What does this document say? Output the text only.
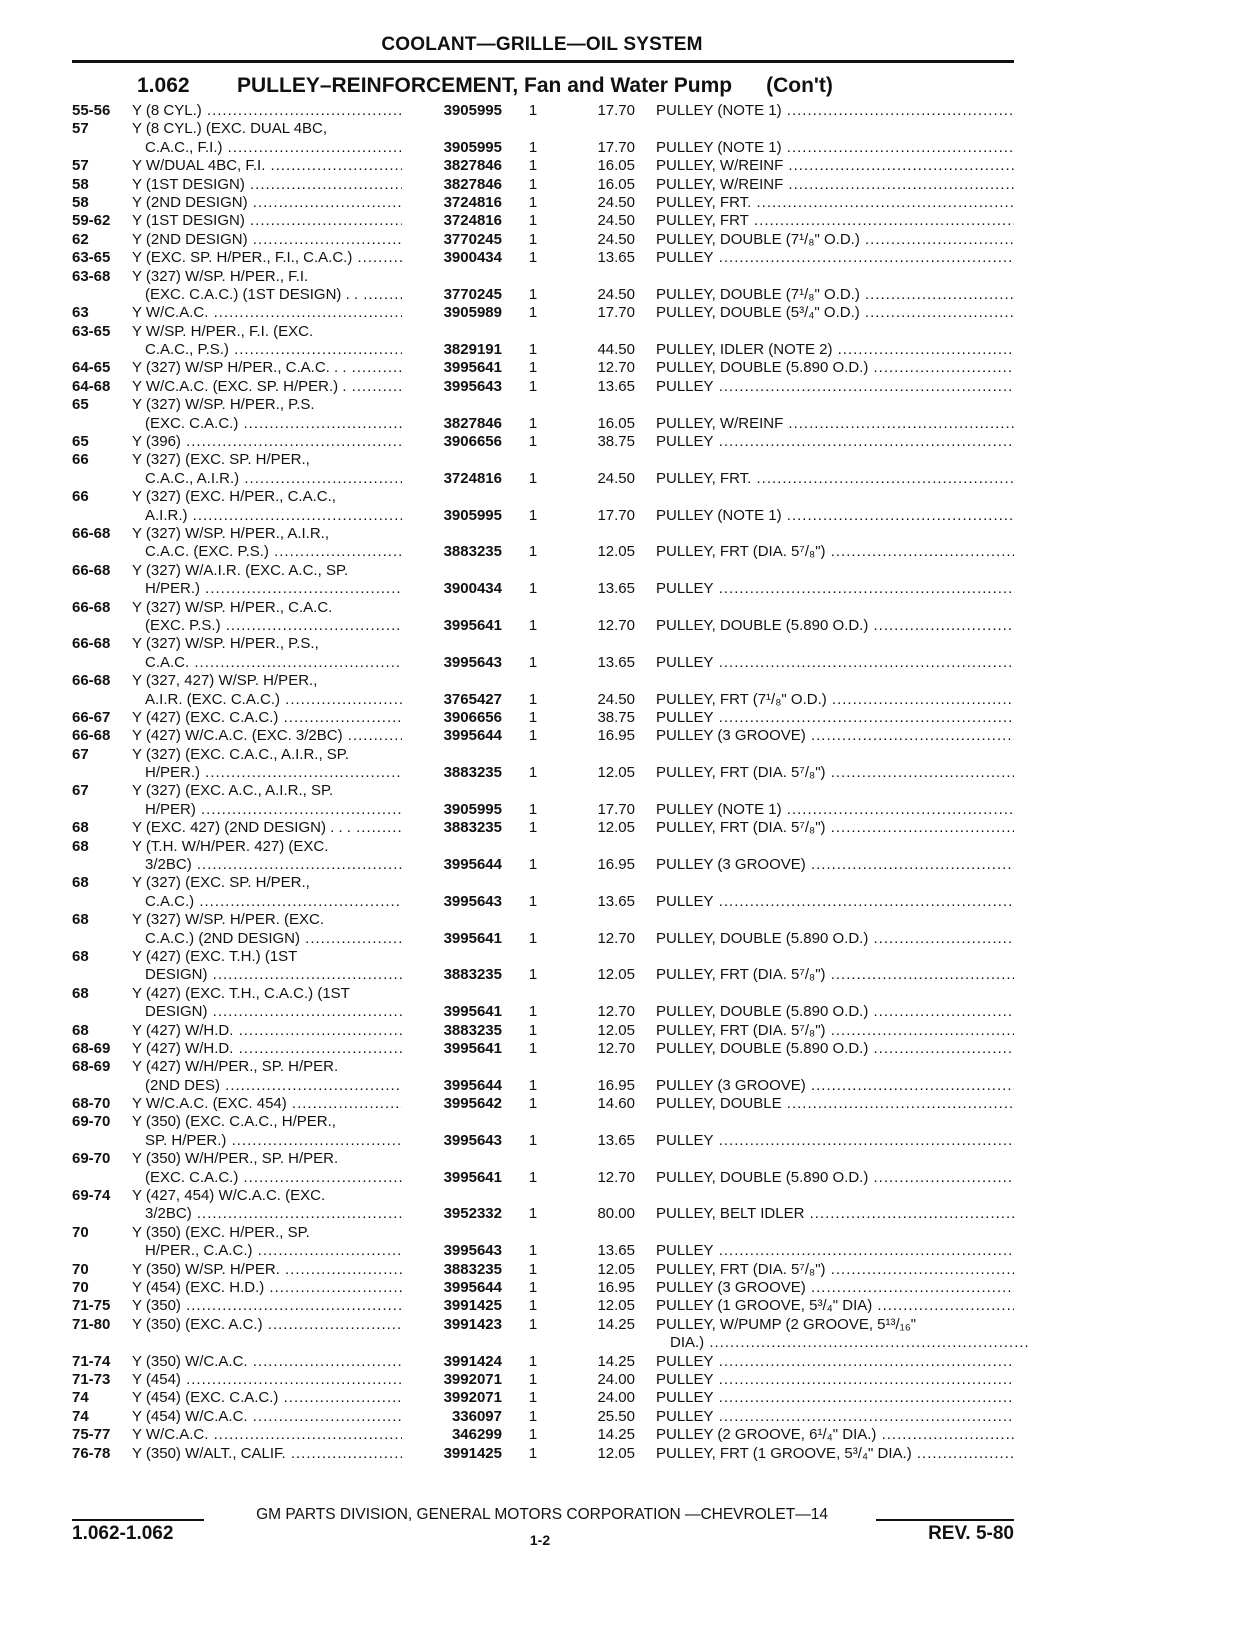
COOLANT—GRILLE—OIL SYSTEM
1.062 PULLEY–REINFORCEMENT, Fan and Water Pump (Con't)
55-56	Y (8 CYL.) .....	3905995 1	17.70 PULLEY (NOTE 1) .....
57	Y (8 CYL.) (EXC. DUAL 4BC,
C.A.C., F.I.) .....	3905995 1	17.70 PULLEY (NOTE 1) .....
57	Y W/DUAL 4BC, F.I. .....	3827846 1	16.05 PULLEY, W/REINF .....
58	Y (1ST DESIGN) .....	3827846 1	16.05 PULLEY, W/REINF .....
58	Y (2ND DESIGN) .....	3724816 1	24.50 PULLEY, FRT. .....
59-62	Y (1ST DESIGN) .....	3724816 1	24.50 PULLEY, FRT .....
62	Y (2ND DESIGN) .....	3770245 1	24.50 PULLEY, DOUBLE (7¹/₈" O.D.) .....
63-65	Y (EXC. SP. H/PER., F.I., C.A.C.) .....	3900434 1	13.65 PULLEY .....
63-68	Y (327) W/SP. H/PER., F.I.
(EXC. C.A.C.) (1ST DESIGN) . . .....	3770245 1	24.50 PULLEY, DOUBLE (7¹/₈" O.D.) .....
63	Y W/C.A.C. .....	3905989 1	17.70 PULLEY, DOUBLE (5³/₄" O.D.) .....
63-65	Y W/SP. H/PER., F.I. (EXC.
C.A.C., P.S.) .....	3829191 1	44.50 PULLEY, IDLER (NOTE 2) .....
64-65	Y (327) W/SP H/PER., C.A.C. . . .....	3995641 1	12.70 PULLEY, DOUBLE (5.890 O.D.) .....
64-68	Y W/C.A.C. (EXC. SP. H/PER.) . .....	3995643 1	13.65 PULLEY .....
65	Y (327) W/SP. H/PER., P.S.
(EXC. C.A.C.) .....	3827846 1	16.05 PULLEY, W/REINF .....
65	Y (396) .....	3906656 1	38.75 PULLEY .....
66	Y (327) (EXC. SP. H/PER.,
C.A.C., A.I.R.) .....	3724816 1	24.50 PULLEY, FRT. .....
66	Y (327) (EXC. H/PER., C.A.C.,
A.I.R.) .....	3905995 1	17.70 PULLEY (NOTE 1) .....
66-68	Y (327) W/SP. H/PER., A.I.R.,
C.A.C. (EXC. P.S.) .....	3883235 1	12.05 PULLEY, FRT (DIA. 5⁷/₈") .....
66-68	Y (327) W/A.I.R. (EXC. A.C., SP.
H/PER.) .....	3900434 1	13.65 PULLEY .....
66-68	Y (327) W/SP. H/PER., C.A.C.
(EXC. P.S.) .....	3995641 1	12.70 PULLEY, DOUBLE (5.890 O.D.) .....
66-68	Y (327) W/SP. H/PER., P.S.,
C.A.C. .....	3995643 1	13.65 PULLEY .....
66-68	Y (327, 427) W/SP. H/PER.,
A.I.R. (EXC. C.A.C.) .....	3765427 1	24.50 PULLEY, FRT (7¹/₈" O.D.) .....
66-67	Y (427) (EXC. C.A.C.) .....	3906656 1	38.75 PULLEY .....
66-68	Y (427) W/C.A.C. (EXC. 3/2BC) .....	3995644 1	16.95 PULLEY (3 GROOVE) .....
67	Y (327) (EXC. C.A.C., A.I.R., SP.
H/PER.) .....	3883235 1	12.05 PULLEY, FRT (DIA. 5⁷/₈") .....
67	Y (327) (EXC. A.C., A.I.R., SP.
H/PER) .....	3905995 1	17.70 PULLEY (NOTE 1) .....
68	Y (EXC. 427) (2ND DESIGN) . . . .....	3883235 1	12.05 PULLEY, FRT (DIA. 5⁷/₈") .....
68	Y (T.H. W/H/PER. 427) (EXC.
3/2BC) .....	3995644 1	16.95 PULLEY (3 GROOVE) .....
68	Y (327) (EXC. SP. H/PER.,
C.A.C.) .....	3995643 1	13.65 PULLEY .....
68	Y (327) W/SP. H/PER. (EXC.
C.A.C.) (2ND DESIGN) .....	3995641 1	12.70 PULLEY, DOUBLE (5.890 O.D.) .....
68	Y (427) (EXC. T.H.) (1ST
DESIGN) .....	3883235 1	12.05 PULLEY, FRT (DIA. 5⁷/₈") .....
68	Y (427) (EXC. T.H., C.A.C.) (1ST
DESIGN) .....	3995641 1	12.70 PULLEY, DOUBLE (5.890 O.D.) .....
68	Y (427) W/H.D. .....	3883235 1	12.05 PULLEY, FRT (DIA. 5⁷/₈") .....
68-69	Y (427) W/H.D. .....	3995641 1	12.70 PULLEY, DOUBLE (5.890 O.D.) .....
68-69	Y (427) W/H/PER., SP. H/PER.
(2ND DES) .....	3995644 1	16.95 PULLEY (3 GROOVE) .....
68-70	Y W/C.A.C. (EXC. 454) .....	3995642 1	14.60 PULLEY, DOUBLE .....
69-70	Y (350) (EXC. C.A.C., H/PER.,
SP. H/PER.) .....	3995643 1	13.65 PULLEY .....
69-70	Y (350) W/H/PER., SP. H/PER.
(EXC. C.A.C.) .....	3995641 1	12.70 PULLEY, DOUBLE (5.890 O.D.) .....
69-74	Y (427, 454) W/C.A.C. (EXC.
3/2BC) .....	3952332 1	80.00 PULLEY, BELT IDLER .....
70	Y (350) (EXC. H/PER., SP.
H/PER., C.A.C.) .....	3995643 1	13.65 PULLEY .....
70	Y (350) W/SP. H/PER. .....	3883235 1	12.05 PULLEY, FRT (DIA. 5⁷/₈") .....
70	Y (454) (EXC. H.D.) .....	3995644 1	16.95 PULLEY (3 GROOVE) .....
71-75	Y (350) .....	3991425 1	12.05 PULLEY (1 GROOVE, 5³/₄" DIA) .....
71-80	Y (350) (EXC. A.C.) .....	3991423 1	14.25 PULLEY, W/PUMP (2 GROOVE, 5¹³/₁₆"
DIA.) .....
71-74	Y (350) W/C.A.C. .....	3991424 1	14.25 PULLEY .....
71-73	Y (454) .....	3992071 1	24.00 PULLEY .....
74	Y (454) (EXC. C.A.C.) .....	3992071 1	24.00 PULLEY .....
74	Y (454) W/C.A.C. .....	336097 1	25.50 PULLEY .....
75-77	Y W/C.A.C. .....	346299 1	14.25 PULLEY (2 GROOVE, 6¹/₄" DIA.) .....
76-78	Y (350) W/ALT., CALIF. .....	3991425 1	12.05 PULLEY, FRT (1 GROOVE, 5³/₄" DIA.) .....
GM PARTS DIVISION, GENERAL MOTORS CORPORATION —CHEVROLET—14
1.062-1.062	1-2	REV. 5-80
